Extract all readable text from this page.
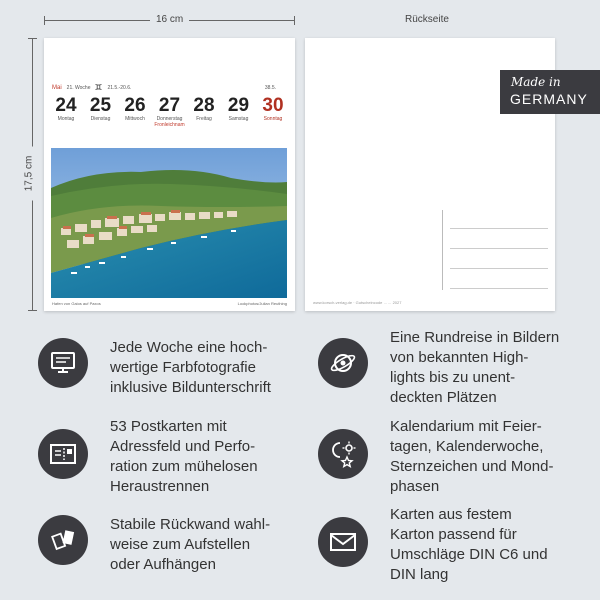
16 cm
17,5 cm
Rückseite
Mai 21. Woche	21.5.-20.6.	38.5.
24
Montag
25
Dienstag
26
Mittwoch
27
Donnerstag
Fronleichnam
28
Freitag
29
Samstag
30
Sonntag
Hafen von Gaios auf Paxos	Lookphotos/Julian Reuthing	www.korsch-verlag.de · Gutscheincode …… 2027
Made in
GERMANY
Jede Woche eine hoch-
wertige Farbfotografie
inklusive Bildunterschrift
Eine Rundreise in Bildern
von bekannten High-
lights bis zu unent-
deckten Plätzen
53 Postkarten mit
Adressfeld und Perfo-
ration zum mühelosen
Heraustrennen
Kalendarium mit Feier-
tagen, Kalenderwoche,
Sternzeichen und Mond-
phasen
Stabile Rückwand wahl-
weise zum Aufstellen
oder Aufhängen
Karten aus festem
Karton passend für
Umschläge DIN C6 und
DIN lang
